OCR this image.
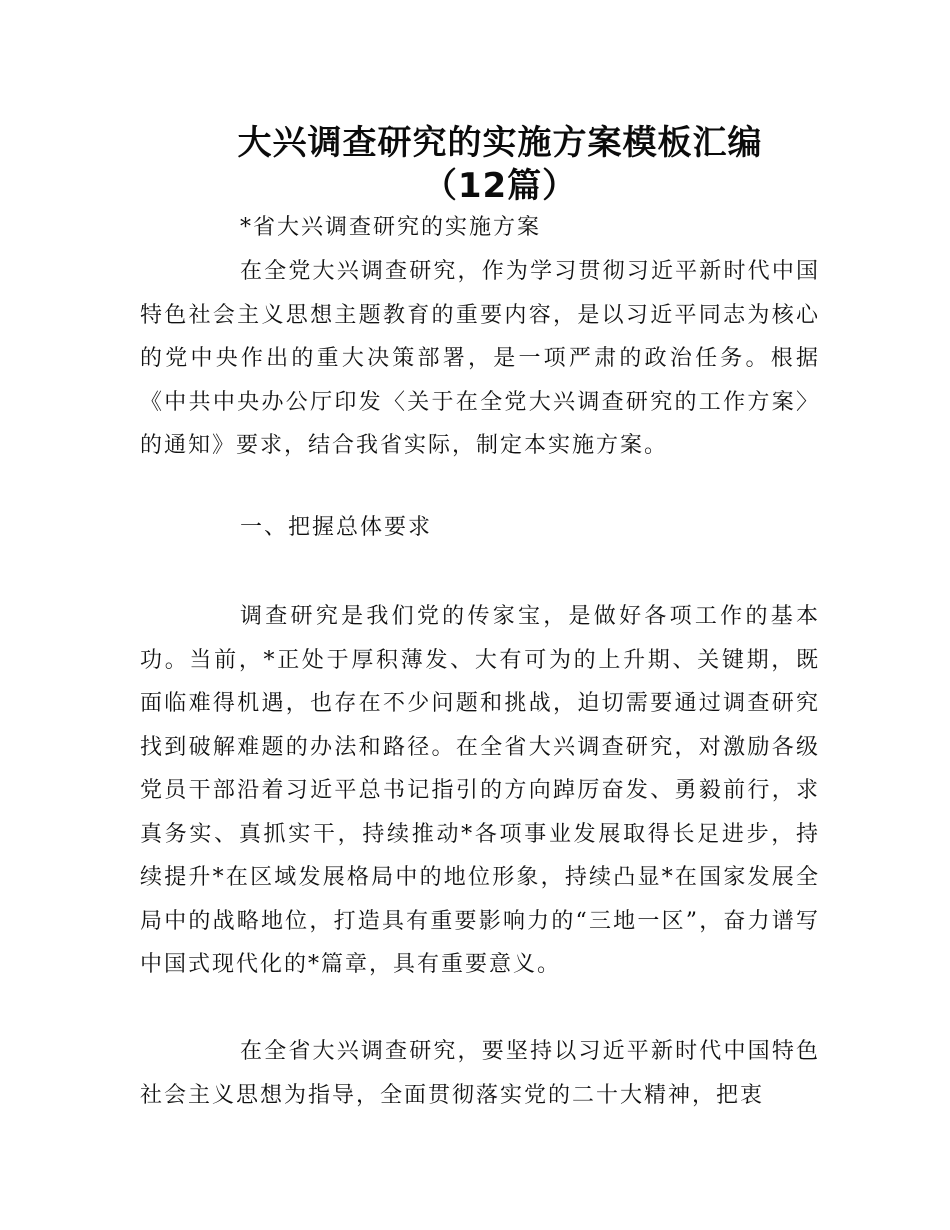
大兴调查研究的实施方案模板汇编
（12篇）
*省大兴调查研究的实施方案

在全党大兴调查研究，作为学习贯彻习近平新时代中国特色社会主义思想主题教育的重要内容，是以习近平同志为核心的党中央作出的重大决策部署，是一项严肃的政治任务。根据《中共中央办公厅印发〈关于在全党大兴调查研究的工作方案〉的通知》要求，结合我省实际，制定本实施方案。

一、把握总体要求

调查研究是我们党的传家宝，是做好各项工作的基本功。当前，*正处于厚积薄发、大有可为的上升期、关键期，既面临难得机遇，也存在不少问题和挑战，迫切需要通过调查研究找到破解难题的办法和路径。在全省大兴调查研究，对激励各级党员干部沿着习近平总书记指引的方向踔厉奋发、勇毅前行，求真务实、真抓实干，持续推动*各项事业发展取得长足进步，持续提升*在区域发展格局中的地位形象，持续凸显*在国家发展全局中的战略地位，打造具有重要影响力的“三地一区”，奋力谱写中国式现代化的*篇章，具有重要意义。

在全省大兴调查研究，要坚持以习近平新时代中国特色社会主义思想为指导，全面贯彻落实党的二十大精神，把衷
